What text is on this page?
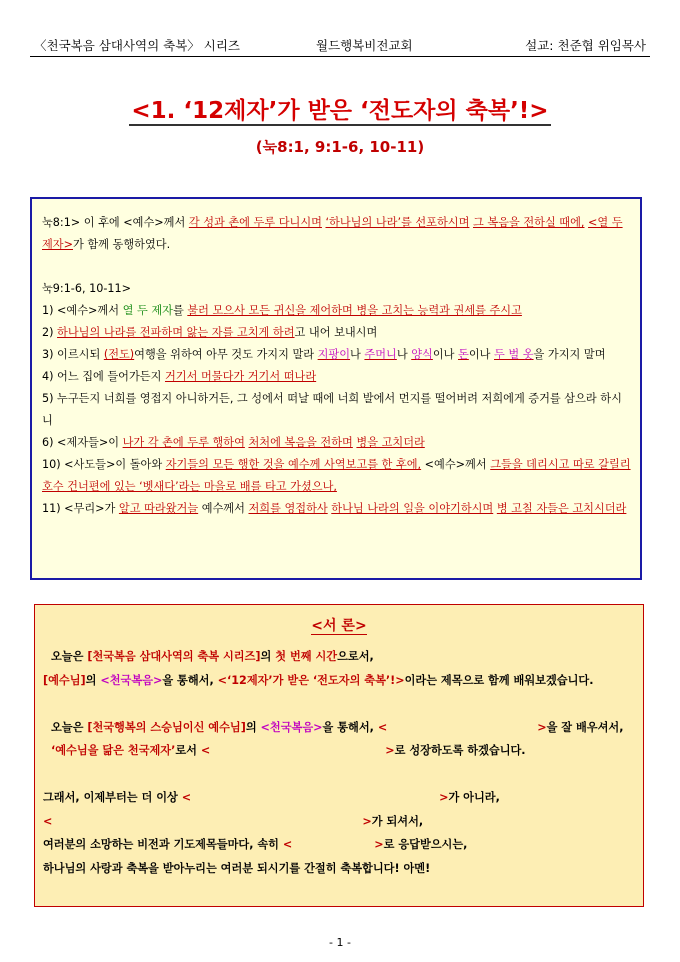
〈천국복음 삼대사역의 축복〉 시리즈	월드행복비전교회	설교: 천준협 위임목사
<1. ‘12제자’가 받은 ‘전도자의 축복’!>
(눅8:1, 9:1-6, 10-11)

눅8:1> 이 후에 <예수>께서 각 성과 촌에 두루 다니시며 ‘하나님의 나라’를 선포하시며 그 복음을 전하실 때에, <열 두 제자>가 함께 동행하였다.

눅9:1-6, 10-11>

1) <예수>께서 열 두 제자를 불러 모으사 모든 귀신을 제어하며 병을 고치는 능력과 권세를 주시고

2) 하나님의 나라를 전파하며 앓는 자를 고치게 하려고 내어 보내시며

3) 이르시되 (전도)여행을 위하여 아무 것도 가지지 말라 지팡이나 주머니나 양식이나 돈이나 두 벌 옷을 가지지 말며

4) 어느 집에 들어가든지 거기서 머물다가 거기서 떠나라

5) 누구든지 너희를 영접지 아니하거든, 그 성에서 떠날 때에 너희 발에서 먼지를 떨어버려 저희에게 증거를 삼으라 하시니

6) <제자들>이 나가 각 촌에 두루 행하여 처처에 복음을 전하며 병을 고치더라

10) <사도들>이 돌아와 자기들의 모든 행한 것을 예수께 사역보고를 한 후에, <예수>께서 그들을 데리시고 따로 갈릴리호수 건너편에 있는 ‘벳새다’라는 마을로 배를 타고 가셨으나,

11) <무리>가 알고 따라왔거늘 예수께서 저희를 영접하사 하나님 나라의 일을 이야기하시며 병 고칠 자들은 고치시더라

<서 론>

오늘은 [천국복음 삼대사역의 축복 시리즈]의 첫 번째 시간으로서,

[예수님]의 <천국복음>을 통해서, <‘12제자’가 받은 ‘전도자의 축복’!>이라는 제목으로 함께 배워보겠습니다.

오늘은 [천국행복의 스승님이신 예수님]의 <천국복음>을 통해서, <	>을 잘 배우셔서, ‘예수님을 닮은 천국제자’로서 <	>로 성장하도록 하겠습니다.

그래서, 이제부터는 더 이상 <	>가 아니라,

<	>가 되셔서,

여러분의 소망하는 비전과 기도제목들마다, 속히 <	>로 응답받으시는,

하나님의 사랑과 축복을 받아누리는 여러분 되시기를 간절히 축복합니다! 아멘!

- 1 -
